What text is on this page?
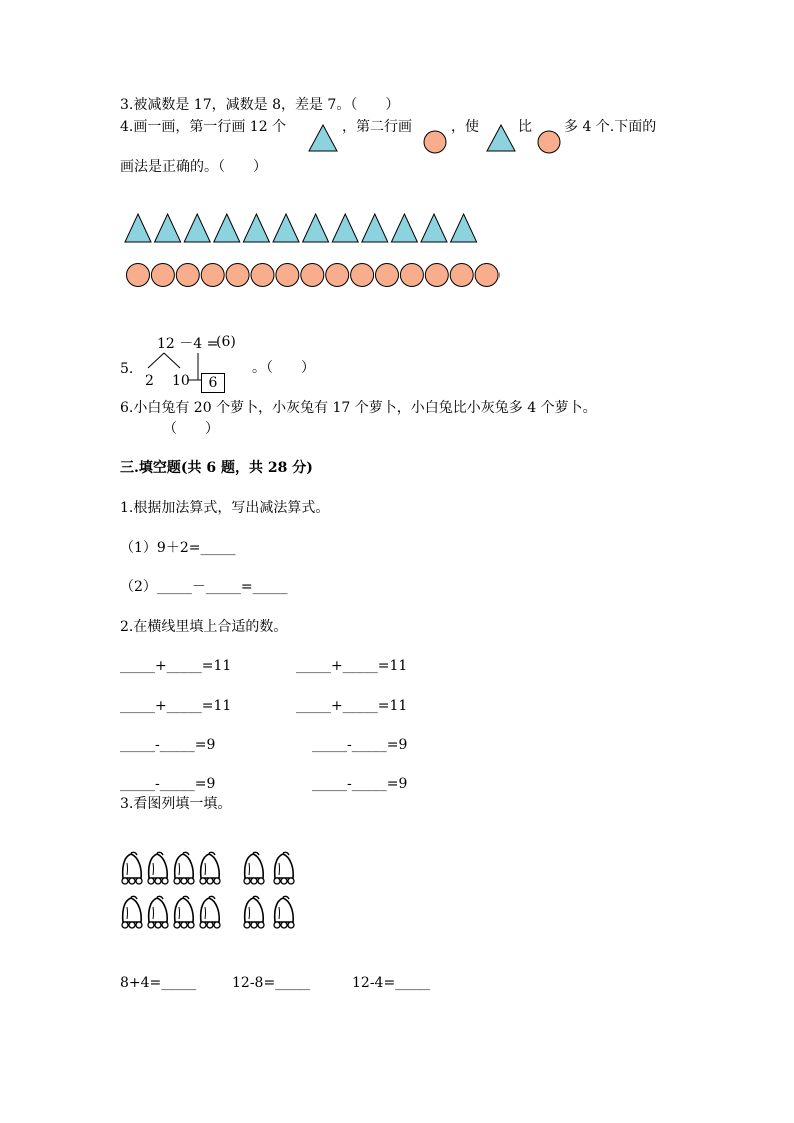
3.被减数是 17，减数是 8，差是 7。（　　）
4.画一画，第一行画 12 个	，第二行画	，使	比 多 4 个.下面的
画法是正确的。（　　）
12 －4 =
(6)
5.
2 10	6
。（　　）
6.小白兔有 20 个萝卜，小灰兔有 17 个萝卜，小白兔比小灰兔多 4 个萝卜。
（　　）
三.填空题(共 6 题，共 28 分)
1.根据加法算式，写出减法算式。
（1）9＋2=_____
（2）_____－_____=_____
2.在横线里填上合适的数。
_____+_____=11	_____+_____=11
_____+_____=11	_____+_____=11
_____-_____=9	_____-_____=9
_____-_____=9	_____-_____=9
3.看图列填一填。
8+4=_____	12-8=_____	12-4=_____
